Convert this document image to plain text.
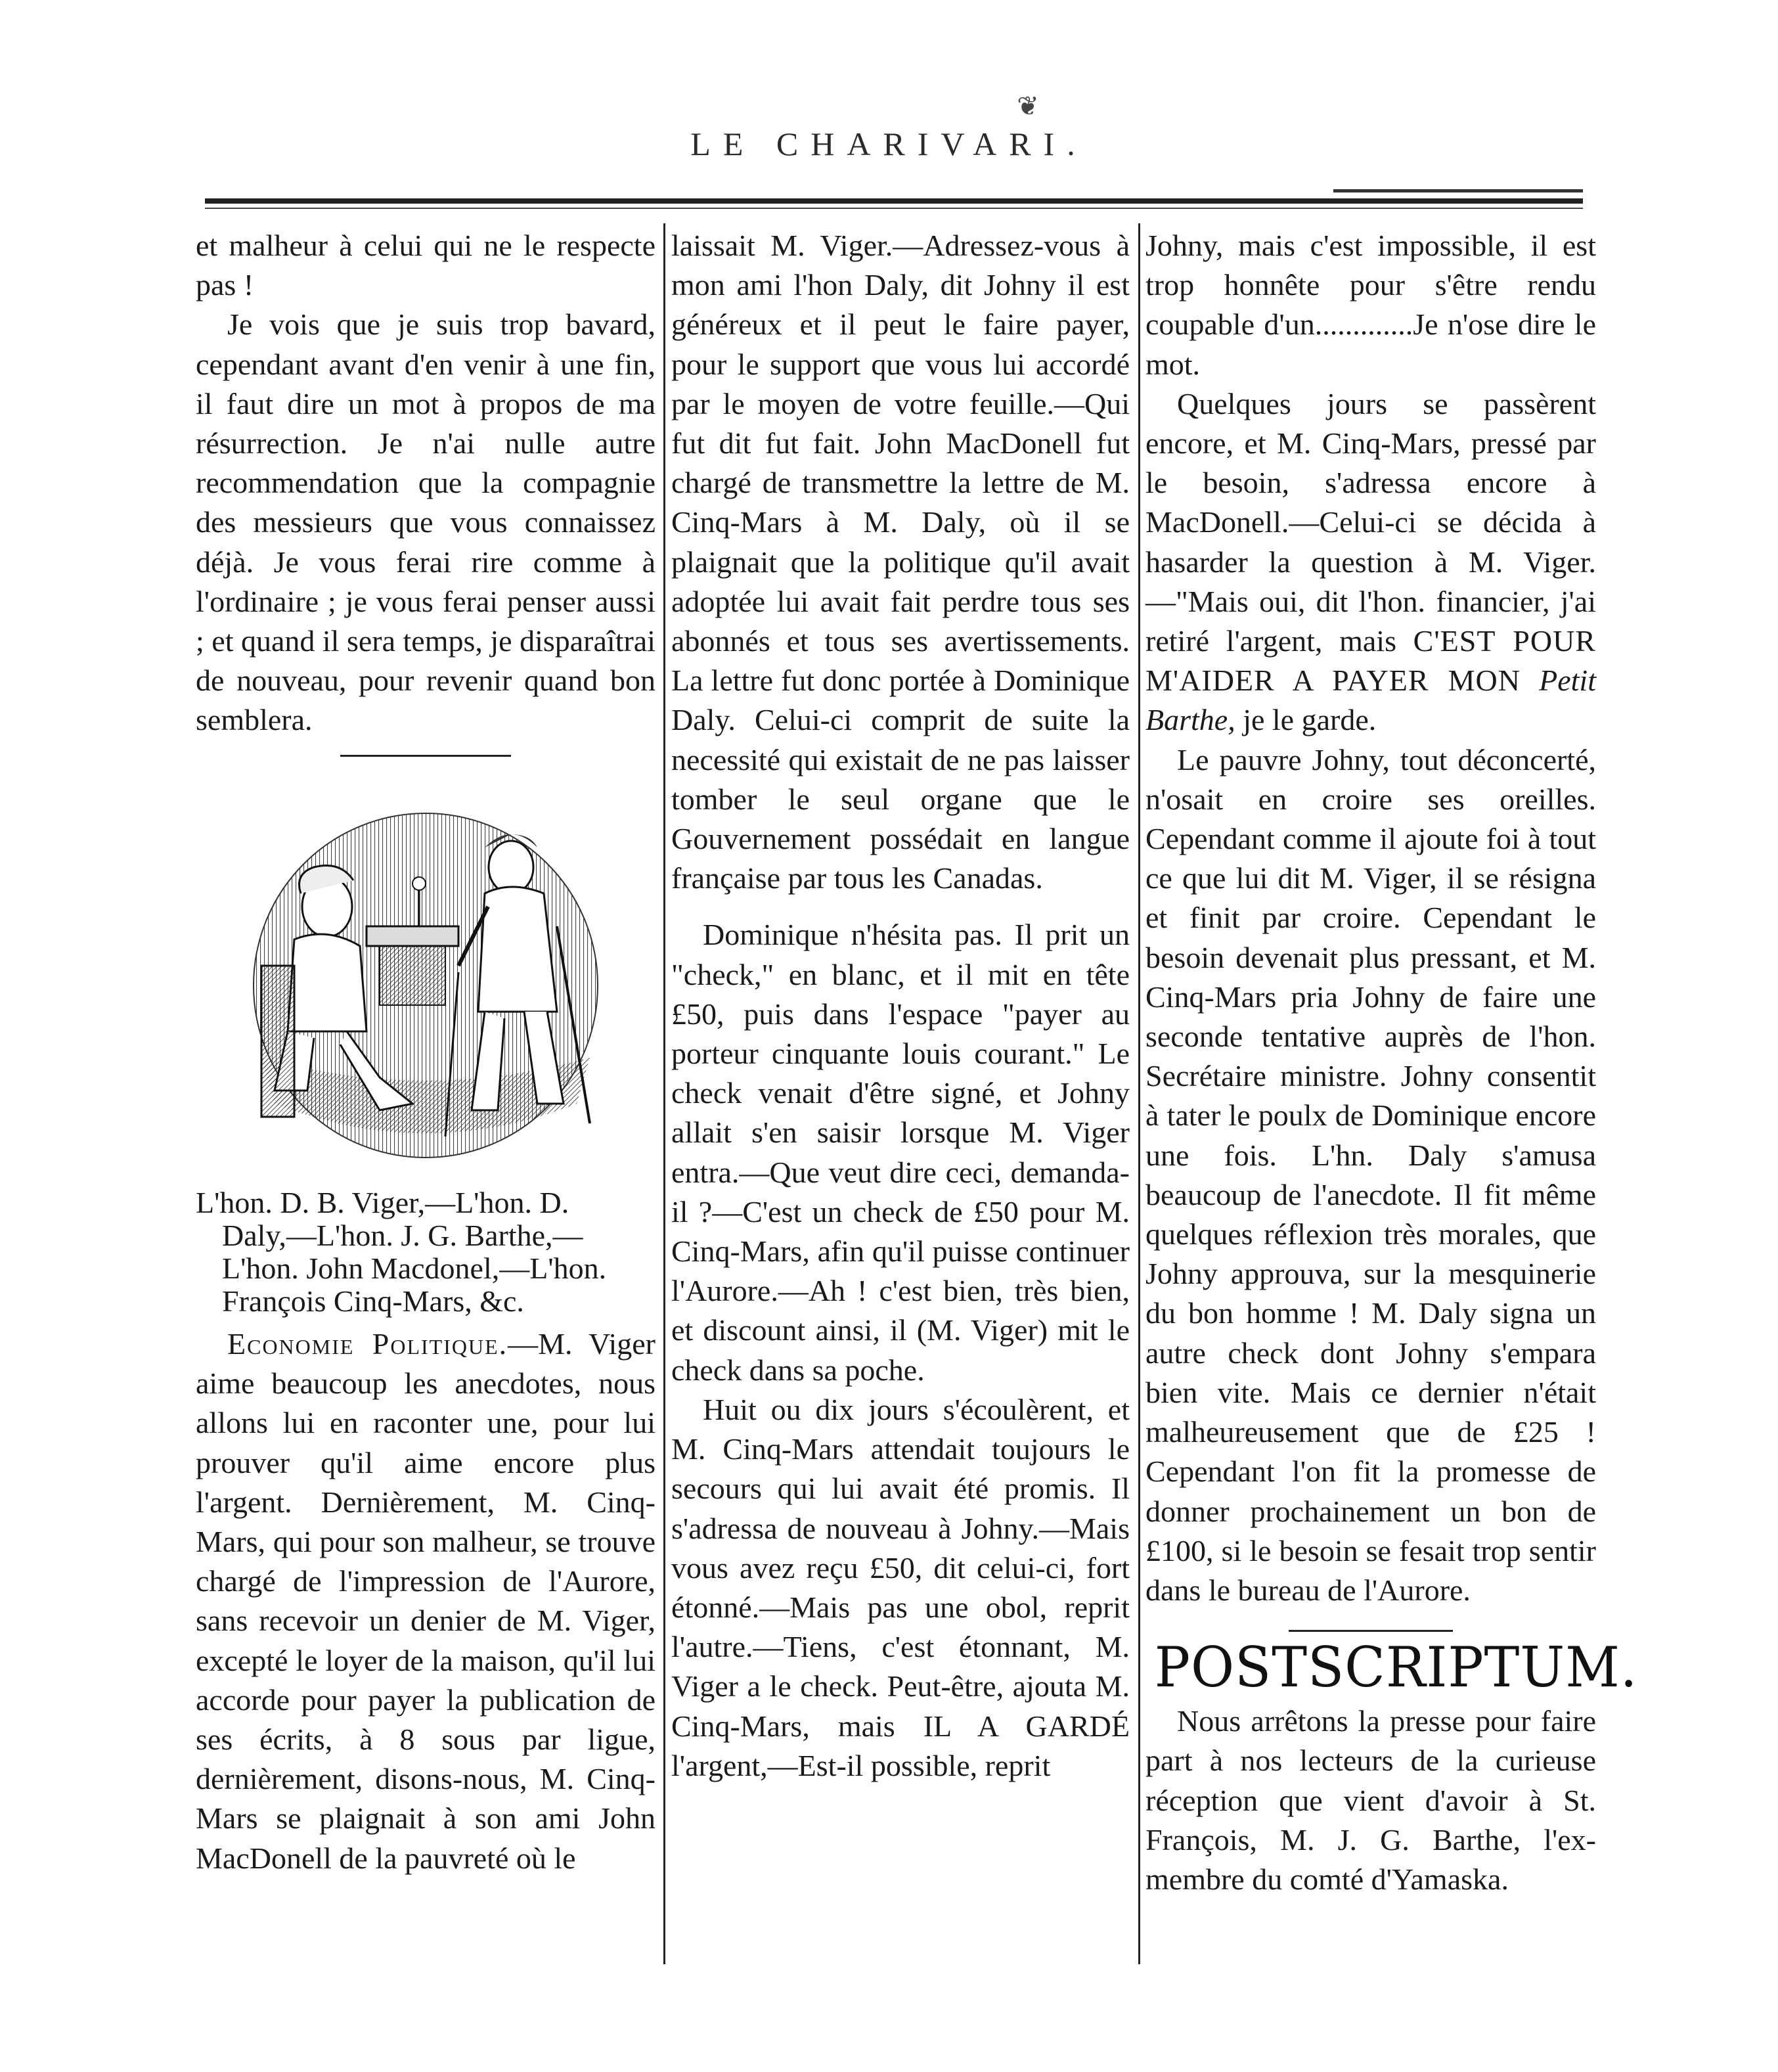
❦
LE CHARIVARI.

et malheur à celui qui ne le respecte pas !

Je vois que je suis trop bavard, cependant avant d'en venir à une fin, il faut dire un mot à propos de ma résurrection. Je n'ai nulle autre recommendation que la compagnie des messieurs que vous connaissez déjà. Je vous ferai rire comme à l'ordinaire ; je vous ferai penser aussi ; et quand il sera temps, je disparaîtrai de nouveau, pour revenir quand bon semblera.

L'hon. D. B. Viger,—L'hon. D.
Daly,—L'hon. J. G. Barthe,—
L'hon. John Macdonel,—L'hon.
François Cinq-Mars, &c.

Economie Politique.—M. Viger aime beaucoup les anecdotes, nous allons lui en raconter une, pour lui prouver qu'il aime encore plus l'argent. Dernièrement, M. Cinq-Mars, qui pour son malheur, se trouve chargé de l'impression de l'Aurore, sans recevoir un denier de M. Viger, excepté le loyer de la maison, qu'il lui accorde pour payer la publication de ses écrits, à 8 sous par ligue, dernièrement, disons-nous, M. Cinq-Mars se plaignait à son ami John MacDonell de la pauvreté où le

laissait M. Viger.—Adressez-vous à mon ami l'hon Daly, dit Johny il est généreux et il peut le faire payer, pour le support que vous lui accordé par le moyen de votre feuille.—Qui fut dit fut fait. John MacDonell fut chargé de transmettre la lettre de M. Cinq-Mars à M. Daly, où il se plaignait que la politique qu'il avait adoptée lui avait fait perdre tous ses abonnés et tous ses avertissements. La lettre fut donc portée à Dominique Daly. Celui-ci comprit de suite la necessité qui existait de ne pas laisser tomber le seul organe que le Gouvernement possédait en langue française par tous les Canadas.

Dominique n'hésita pas. Il prit un "check," en blanc, et il mit en tête £50, puis dans l'espace "payer au porteur cinquante louis courant." Le check venait d'être signé, et Johny allait s'en saisir lorsque M. Viger entra.—Que veut dire ceci, demanda-il ?—C'est un check de £50 pour M. Cinq-Mars, afin qu'il puisse continuer l'Aurore.—Ah ! c'est bien, très bien, et discount ainsi, il (M. Viger) mit le check dans sa poche.

Huit ou dix jours s'écoulèrent, et M. Cinq-Mars attendait toujours le secours qui lui avait été promis. Il s'adressa de nouveau à Johny.—Mais vous avez reçu £50, dit celui-ci, fort étonné.—Mais pas une obol, reprit l'autre.—Tiens, c'est étonnant, M. Viger a le check. Peut-être, ajouta M. Cinq-Mars, mais IL A GARDÉ l'argent,—Est-il possible, reprit

Johny, mais c'est impossible, il est trop honnête pour s'être rendu coupable d'un.............Je n'ose dire le mot.

Quelques jours se passèrent encore, et M. Cinq-Mars, pressé par le besoin, s'adressa encore à MacDonell.—Celui-ci se décida à hasarder la question à M. Viger.—"Mais oui, dit l'hon. financier, j'ai retiré l'argent, mais C'EST POUR M'AIDER A PAYER MON Petit Barthe, je le garde.

Le pauvre Johny, tout déconcerté, n'osait en croire ses oreilles. Cependant comme il ajoute foi à tout ce que lui dit M. Viger, il se résigna et finit par croire. Cependant le besoin devenait plus pressant, et M. Cinq-Mars pria Johny de faire une seconde tentative auprès de l'hon. Secrétaire ministre. Johny consentit à tater le poulx de Dominique encore une fois. L'hn. Daly s'amusa beaucoup de l'anecdote. Il fit même quelques réflexion très morales, que Johny approuva, sur la mesquinerie du bon homme ! M. Daly signa un autre check dont Johny s'empara bien vite. Mais ce dernier n'était malheureusement que de £25 ! Cependant l'on fit la promesse de donner prochainement un bon de £100, si le besoin se fesait trop sentir dans le bureau de l'Aurore.

POSTSCRIPTUM.

Nous arrêtons la presse pour faire part à nos lecteurs de la curieuse réception que vient d'avoir à St. François, M. J. G. Barthe, l'ex-membre du comté d'Yamaska.
